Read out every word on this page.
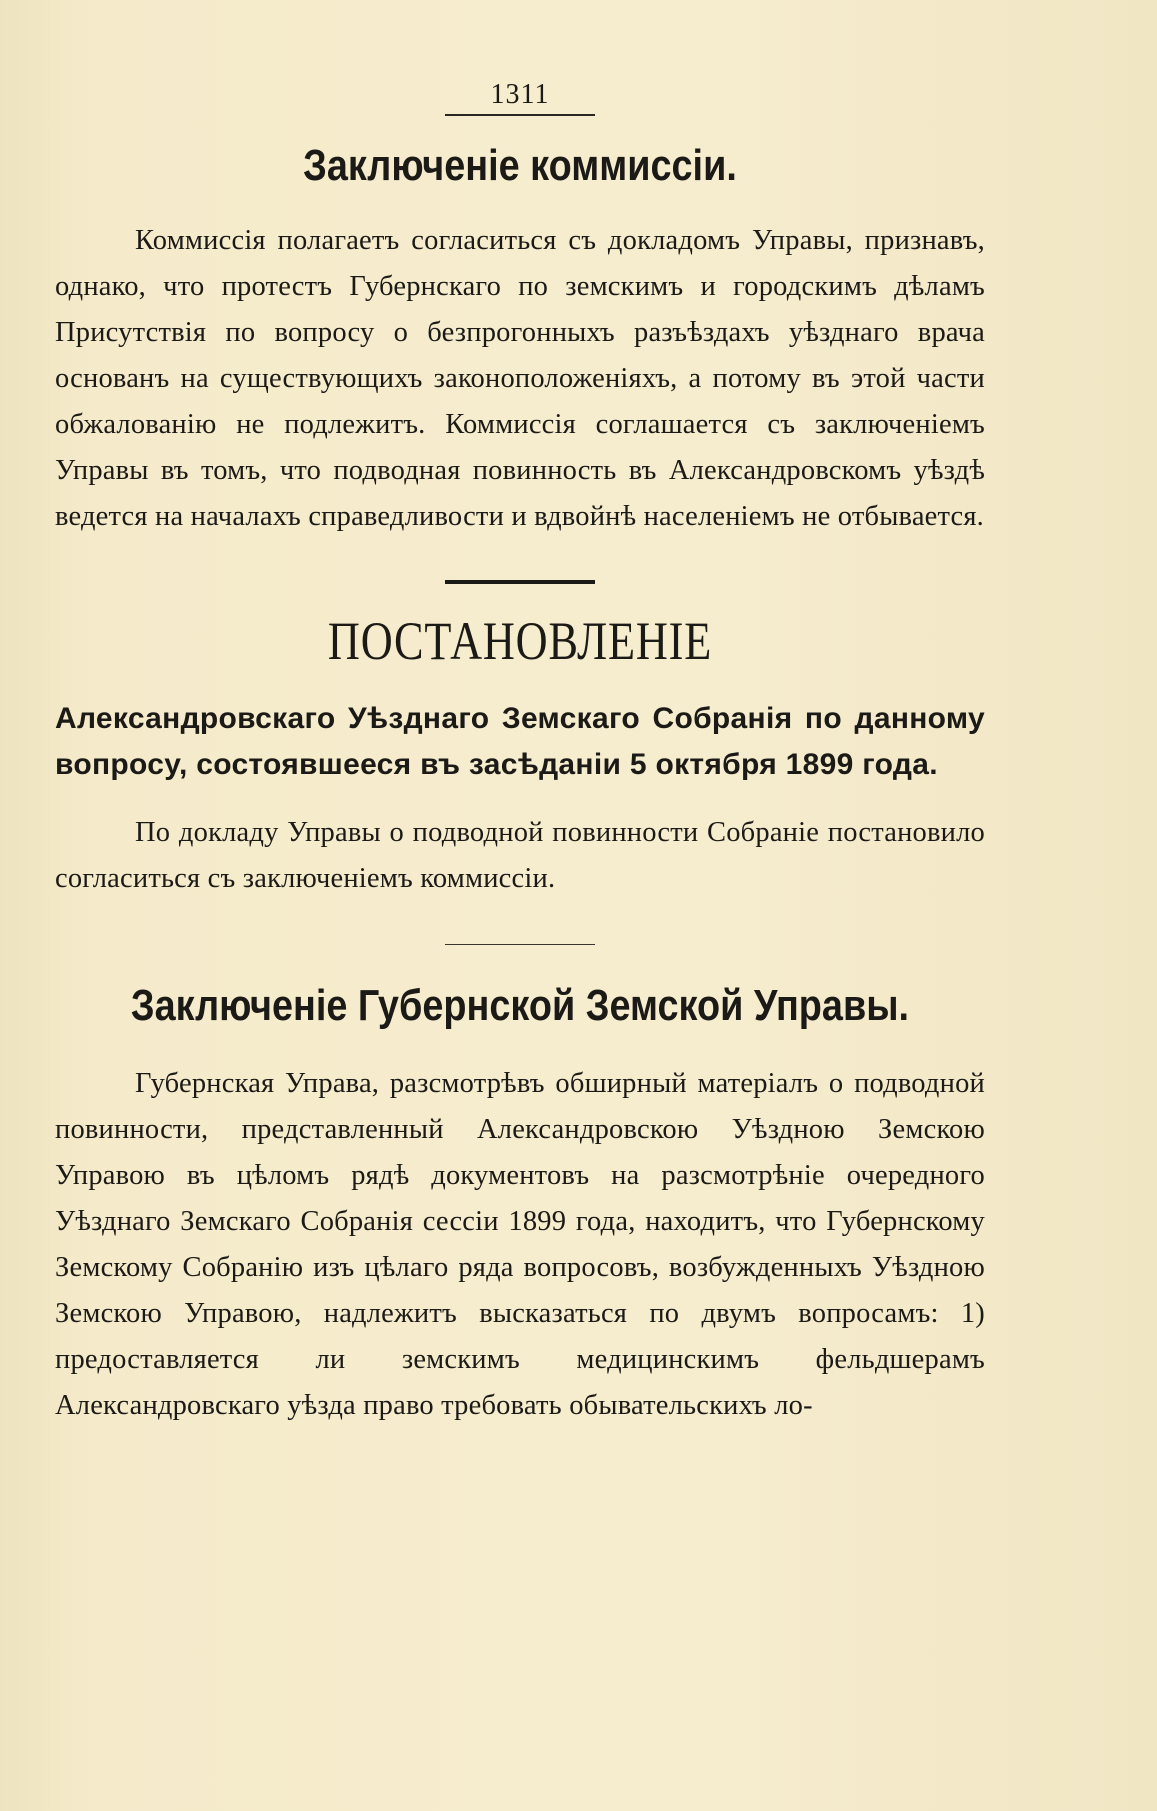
1311
Заключенiе коммиссiи.

Коммиссiя полагаетъ согласиться съ докладомъ Управы, признавъ, однако, что протестъ Губернскаго по земскимъ и городскимъ дѣламъ Присутствiя по вопросу о безпрогонныхъ разъѣздахъ уѣзднаго врача основанъ на существующихъ законоположенiяхъ, а потому въ этой части обжалованiю не подлежитъ. Коммиссiя соглашается съ заключенiемъ Управы въ томъ, что подводная повинность въ Александровскомъ уѣздѣ ведется на началахъ справедливости и вдвойнѣ населенiемъ не отбывается.

ПОСТАНОВЛЕНIЕ

Александровскаго Уѣзднаго Земскаго Собранiя по данному вопросу, состоявшееся въ засѣданiи 5 октября 1899 года.

По докладу Управы о подводной повинности Собранiе постановило согласиться съ заключенiемъ коммиссiи.

Заключенiе Губернской Земской Управы.

Губернская Управа, разсмотрѣвъ обширный матерiалъ о подводной повинности, представленный Александровскою Уѣздною Земскою Управою въ цѣломъ рядѣ документовъ на разсмотрѣнiе очередного Уѣзднаго Земскаго Собранiя сессiи 1899 года, находитъ, что Губернскому Земскому Собранiю изъ цѣлаго ряда вопросовъ, возбужденныхъ Уѣздною Земскою Управою, надлежитъ высказаться по двумъ вопросамъ: 1) предоставляется ли земскимъ медицинскимъ фельдшерамъ Александровскаго уѣзда право требовать обывательскихъ ло-
